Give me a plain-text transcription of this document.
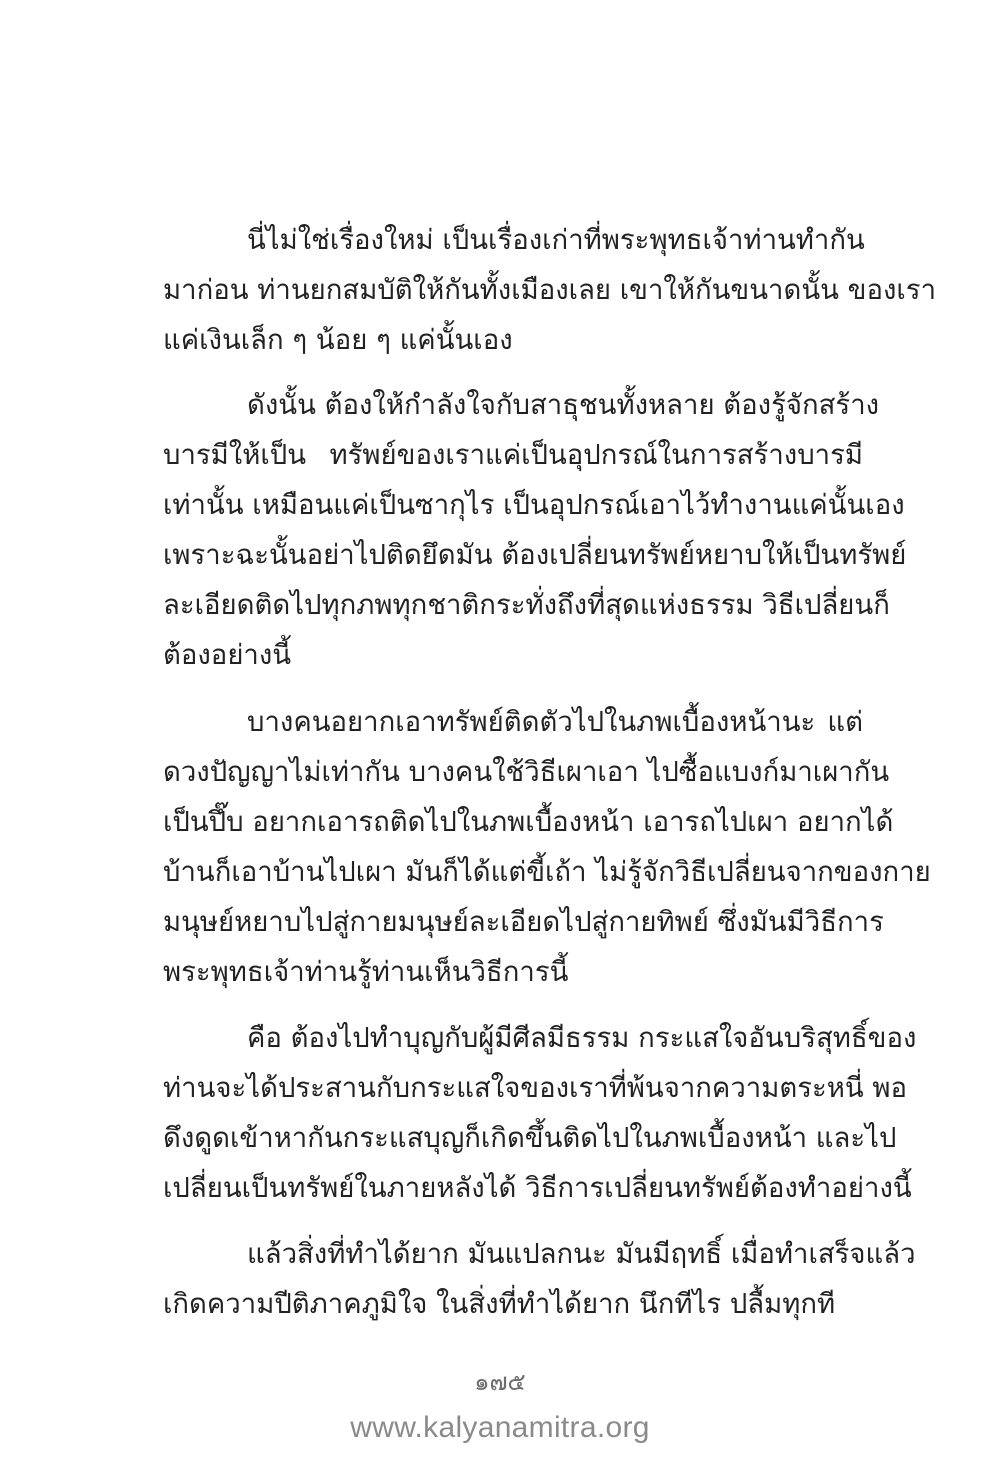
นี่ไม่ใช่เรื่องใหม่ เป็นเรื่องเก่าที่พระพุทธเจ้าท่านทำกัน
มาก่อน ท่านยกสมบัติให้กันทั้งเมืองเลย เขาให้กันขนาดนั้น ของเรา
แค่เงินเล็ก ๆ น้อย ๆ แค่นั้นเอง
ดังนั้น ต้องให้กำลังใจกับสาธุชนทั้งหลาย ต้องรู้จักสร้าง
บารมีให้เป็น ทรัพย์ของเราแค่เป็นอุปกรณ์ในการสร้างบารมี
เท่านั้น เหมือนแค่เป็นซากุไร เป็นอุปกรณ์เอาไว้ทำงานแค่นั้นเอง
เพราะฉะนั้นอย่าไปติดยึดมัน ต้องเปลี่ยนทรัพย์หยาบให้เป็นทรัพย์
ละเอียดติดไปทุกภพทุกชาติกระทั่งถึงที่สุดแห่งธรรม วิธีเปลี่ยนก็
ต้องอย่างนี้
บางคนอยากเอาทรัพย์ติดตัวไปในภพเบื้องหน้านะ แต่
ดวงปัญญาไม่เท่ากัน บางคนใช้วิธีเผาเอา ไปซื้อแบงก์มาเผากัน
เป็นปึ๊บ อยากเอารถติดไปในภพเบื้องหน้า เอารถไปเผา อยากได้
บ้านก็เอาบ้านไปเผา มันก็ได้แต่ขี้เถ้า ไม่รู้จักวิธีเปลี่ยนจากของกาย
มนุษย์หยาบไปสู่กายมนุษย์ละเอียดไปสู่กายทิพย์ ซึ่งมันมีวิธีการ
พระพุทธเจ้าท่านรู้ท่านเห็นวิธีการนี้
คือ ต้องไปทำบุญกับผู้มีศีลมีธรรม กระแสใจอันบริสุทธิ์ของ
ท่านจะได้ประสานกับกระแสใจของเราที่พ้นจากความตระหนี่ พอ
ดึงดูดเข้าหากันกระแสบุญก็เกิดขึ้นติดไปในภพเบื้องหน้า และไป
เปลี่ยนเป็นทรัพย์ในภายหลังได้ วิธีการเปลี่ยนทรัพย์ต้องทำอย่างนี้
แล้วสิ่งที่ทำได้ยาก มันแปลกนะ มันมีฤทธิ์ เมื่อทำเสร็จแล้ว
เกิดความปีติภาคภูมิใจ ในสิ่งที่ทำได้ยาก นึกทีไร ปลื้มทุกที
๑๗๕
www.kalyanamitra.org
